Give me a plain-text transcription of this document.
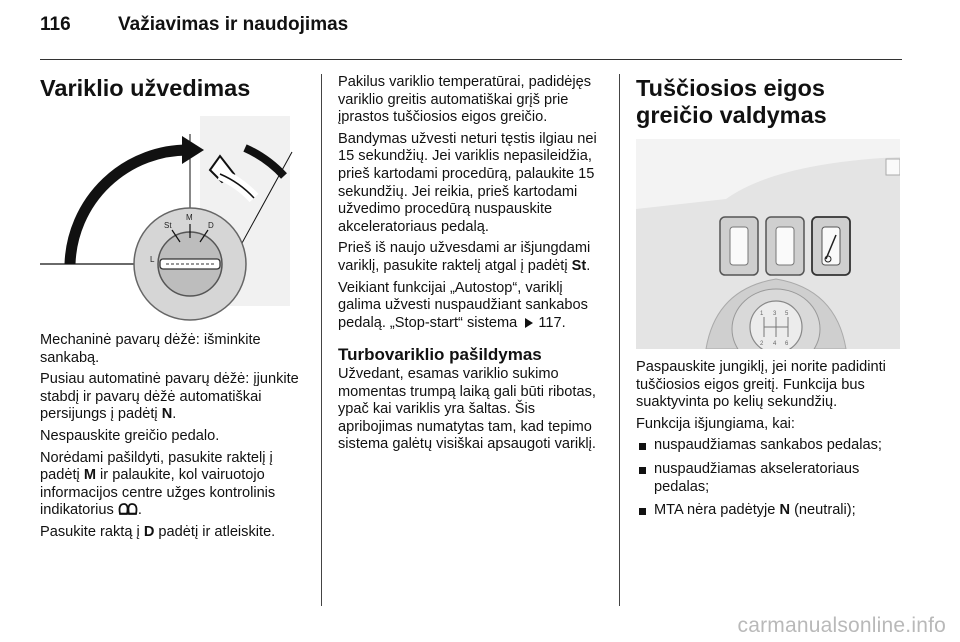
116 Važiavimas ir naudojimas
Variklio užvedimas
L
St
M
D

Mechaninė pavarų dėžė: išminkite sankabą.

Pusiau automatinė pavarų dėžė: įjunkite stabdį ir pavarų dėžė automatiškai persijungs į padėtį N.

Nespauskite greičio pedalo.

Norėdami pašildyti, pasukite raktelį į padėtį M ir palaukite, kol vairuotojo informacijos centre užges kontrolinis indikatorius .

Pasukite raktą į D padėtį ir atleiskite.

Pakilus variklio temperatūrai, padidėjęs variklio greitis automatiškai grįš prie įprastos tuščiosios eigos greičio.

Bandymas užvesti neturi tęstis ilgiau nei 15 sekundžių. Jei variklis nepasileidžia, prieš kartodami procedūrą, palaukite 15 sekundžių. Jei reikia, prieš kartodami užvedimo procedūrą nuspauskite akceleratoriaus pedalą.

Prieš iš naujo užvesdami ar išjungdami variklį, pasukite raktelį atgal į padėtį St.

Veikiant funkcijai „Autostop“, variklį galima užvesti nuspaudžiant sankabos pedalą. „Stop-start“ sistema 117.

Turbovariklio pašildymas

Užvedant, esamas variklio sukimo momentas trumpą laiką gali būti ribotas, ypač kai variklis yra šaltas. Šis apribojimas numatytas tam, kad tepimo sistema galėtų visiškai apsaugoti variklį.

Tuščiosios eigos greičio valdymas
1 3 5
2 4 6

Paspauskite jungiklį, jei norite padidinti tuščiosios eigos greitį. Funkcija bus suaktyvinta po kelių sekundžių.

Funkcija išjungiama, kai:

nuspaudžiamas sankabos pedalas;
nuspaudžiamas akseleratoriaus pedalas;
MTA nėra padėtyje N (neutrali);
carmanualsonline.info
